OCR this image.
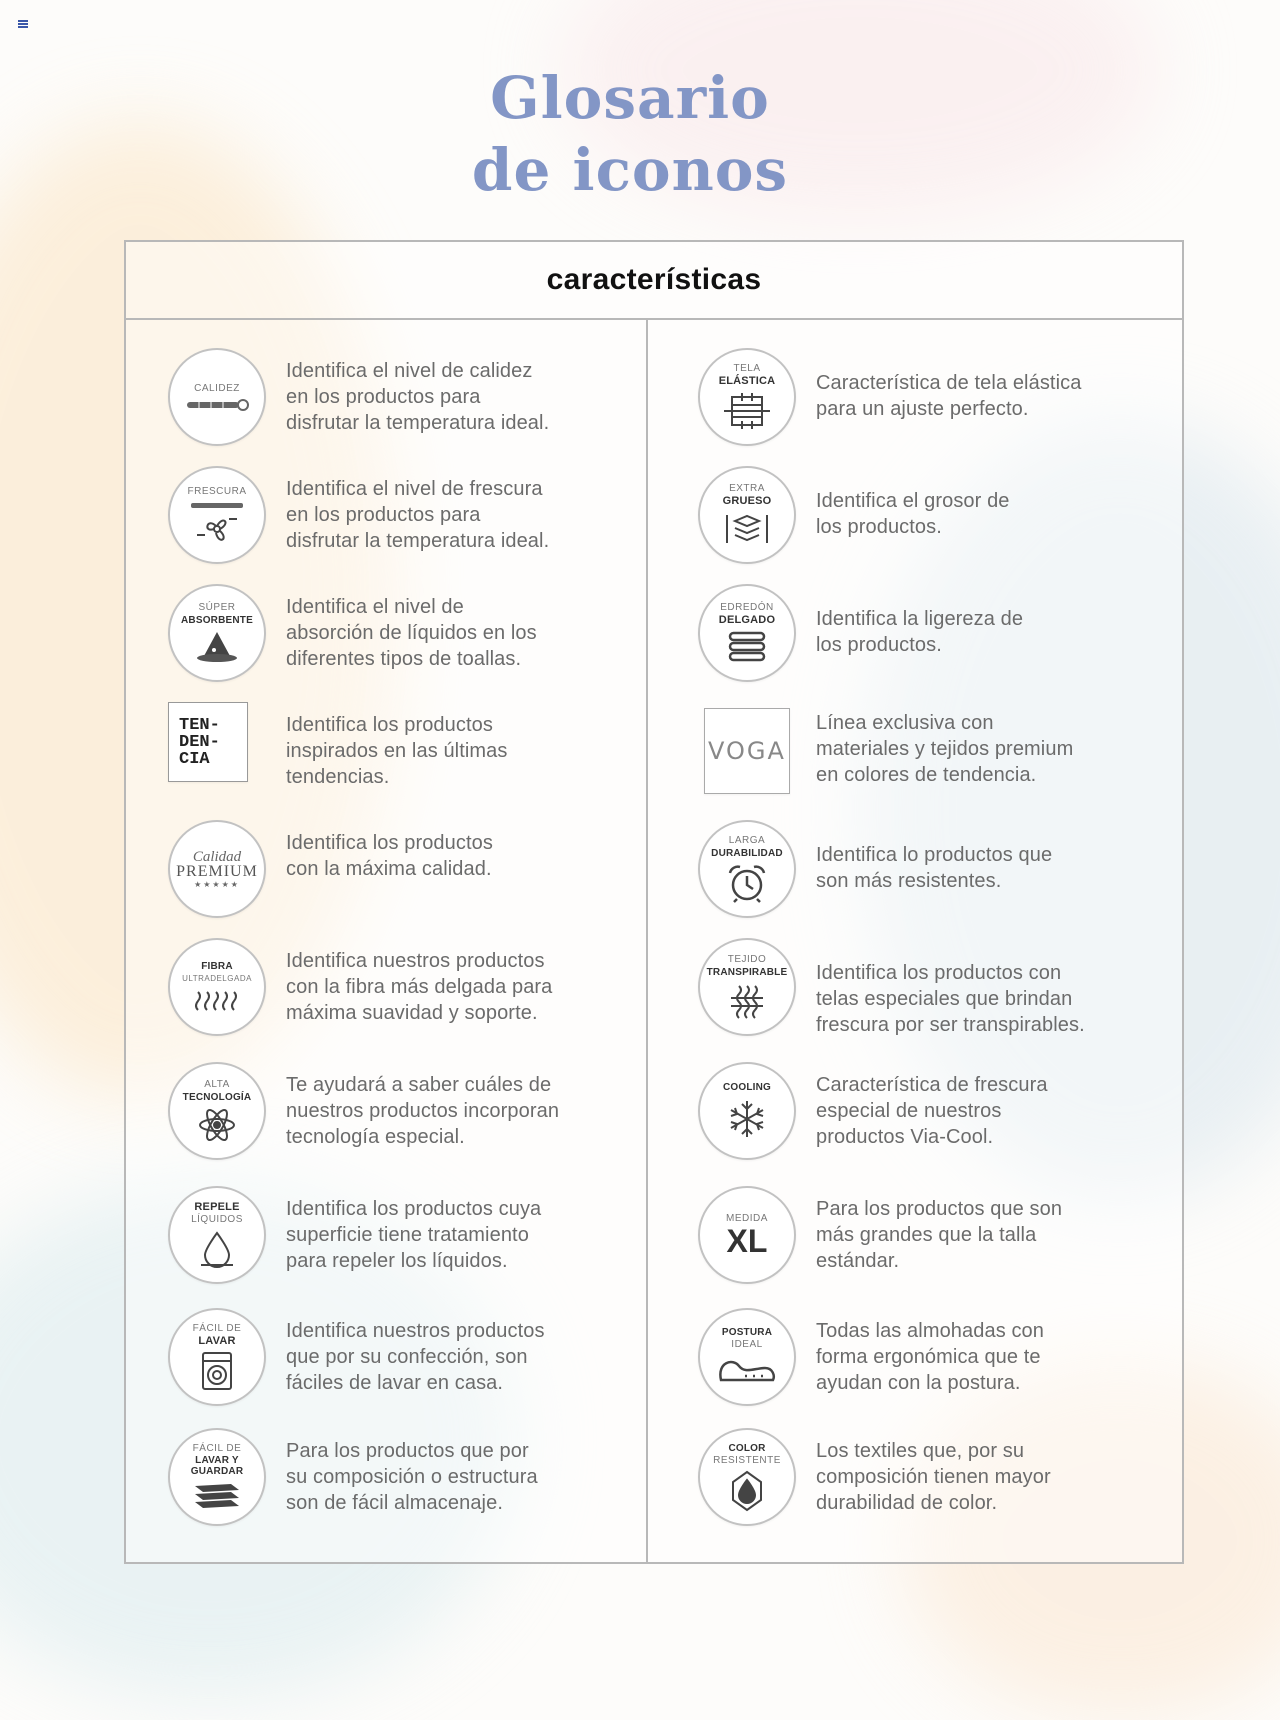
Glosario
de iconos
características
CALIDEZ
Identifica el nivel de calidez
en los productos para
disfrutar la temperatura ideal.
FRESCURA Identifica el nivel de frescura
en los productos para
disfrutar la temperatura ideal.
SÚPER
ABSORBENTE
Identifica el nivel de
absorción de líquidos en los
diferentes tipos de toallas.
TEN-
DEN-
CIA
Identifica los productos
inspirados en las últimas
tendencias.
Calidad
PREMIUM
★★★★★
Identifica los productos
con la máxima calidad.
FIBRA
ULTRADELGADA
Identifica nuestros productos
con la fibra más delgada para
máxima suavidad y soporte.
ALTA
TECNOLOGÍA
Te ayudará a saber cuáles de
nuestros productos incorporan
tecnología especial.
REPELE
LÍQUIDOS Identifica los productos cuya
superficie tiene tratamiento
para repeler los líquidos.
FÁCIL DE
LAVAR	Identifica nuestros productos
que por su confección, son
fáciles de lavar en casa.
FÁCIL DE
LAVAR Y
GUARDAR
Para los productos que por
su composición o estructura
son de fácil almacenaje.
TELA
ELÁSTICA Característica de tela elástica
para un ajuste perfecto.
EXTRA
GRUESO Identifica el grosor de
los productos.
EDREDÓN
DELGADO Identifica la ligereza de
los productos.
VOGA
Línea exclusiva con
materiales y tejidos premium
en colores de tendencia.
LARGA
DURABILIDAD Identifica lo productos que
son más resistentes.
TEJIDO
TRANSPIRABLE Identifica los productos con
telas especiales que brindan
frescura por ser transpirables.
COOLING Característica de frescura
especial de nuestros
productos Via-Cool.
MEDIDA
XL
Para los productos que son
más grandes que la talla
estándar.
POSTURA
IDEAL
Todas las almohadas con
forma ergonómica que te
ayudan con la postura.
COLOR
RESISTENTE Los textiles que, por su
composición tienen mayor
durabilidad de color.
